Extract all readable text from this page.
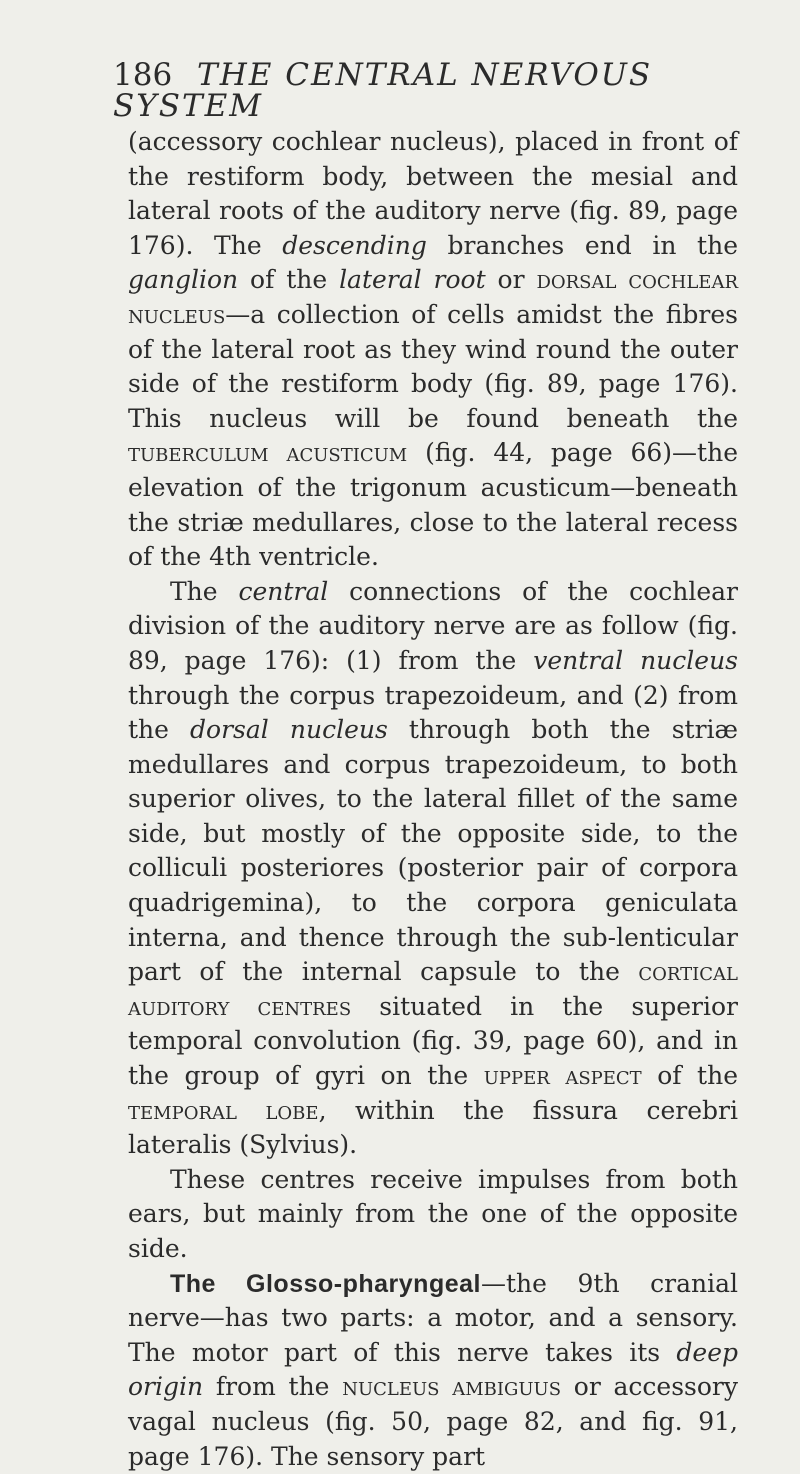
186 THE CENTRAL NERVOUS SYSTEM

(accessory cochlear nucleus), placed in front of the restiform body, between the mesial and lateral roots of the auditory nerve (fig. 89, page 176). The descending branches end in the ganglion of the lateral root or dorsal cochlear nucleus—a collection of cells amidst the fibres of the lateral root as they wind round the outer side of the restiform body (fig. 89, page 176). This nucleus will be found beneath the tuberculum acusticum (fig. 44, page 66)—the elevation of the trigonum acusticum—beneath the striæ medullares, close to the lateral recess of the 4th ventricle.

The central connections of the cochlear division of the auditory nerve are as follow (fig. 89, page 176): (1) from the ventral nucleus through the corpus trapezoideum, and (2) from the dorsal nucleus through both the striæ medullares and corpus trapezoideum, to both superior olives, to the lateral fillet of the same side, but mostly of the opposite side, to the colliculi posteriores (posterior pair of corpora quadrigemina), to the corpora geniculata interna, and thence through the sub-lenticular part of the internal capsule to the cortical auditory centres situated in the superior temporal convolution (fig. 39, page 60), and in the group of gyri on the upper aspect of the temporal lobe, within the fissura cerebri lateralis (Sylvius).

These centres receive impulses from both ears, but mainly from the one of the opposite side.

The Glosso-pharyngeal—the 9th cranial nerve—has two parts: a motor, and a sensory. The motor part of this nerve takes its deep origin from the nucleus ambiguus or accessory vagal nucleus (fig. 50, page 82, and fig. 91, page 176). The sensory part
